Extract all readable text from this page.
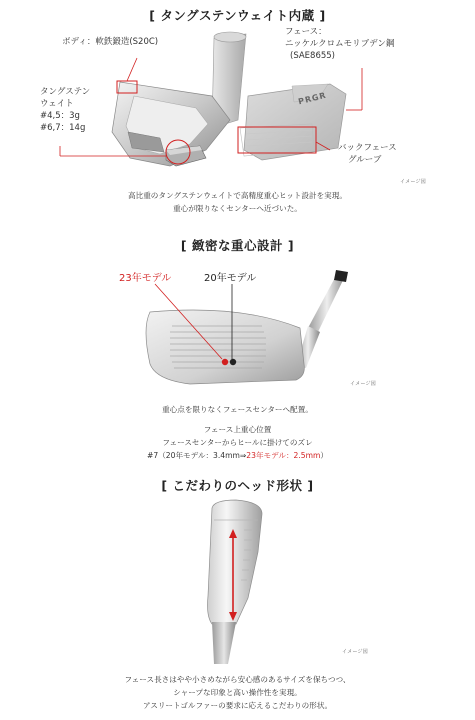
[ タングステンウェイト内蔵 ]
PRGR
ボディ：軟鉄鍛造(S20C)
フェース：
ニッケルクロムモリブデン鋼
(SAE8655)
タングステン
ウェイト
#4,5：3g
#6,7：14g
バックフェース
グルーブ
イメージ図
高比重のタングステンウェイトで高精度重心ヒット設計を実現。
重心が限りなくセンターへ近づいた。
[ 緻密な重心設計 ]
23年モデル	20年モデル
イメージ図
重心点を限りなくフェースセンターへ配置。
フェース上重心位置
フェースセンターからヒールに掛けてのズレ
#7（20年モデル：3.4mm⇒23年モデル：2.5mm）
[ こだわりのヘッド形状 ]
イメージ図
フェース長さはやや小さめながら安心感のあるサイズを保ちつつ、
シャープな印象と高い操作性を実現。
アスリートゴルファーの要求に応えるこだわりの形状。
